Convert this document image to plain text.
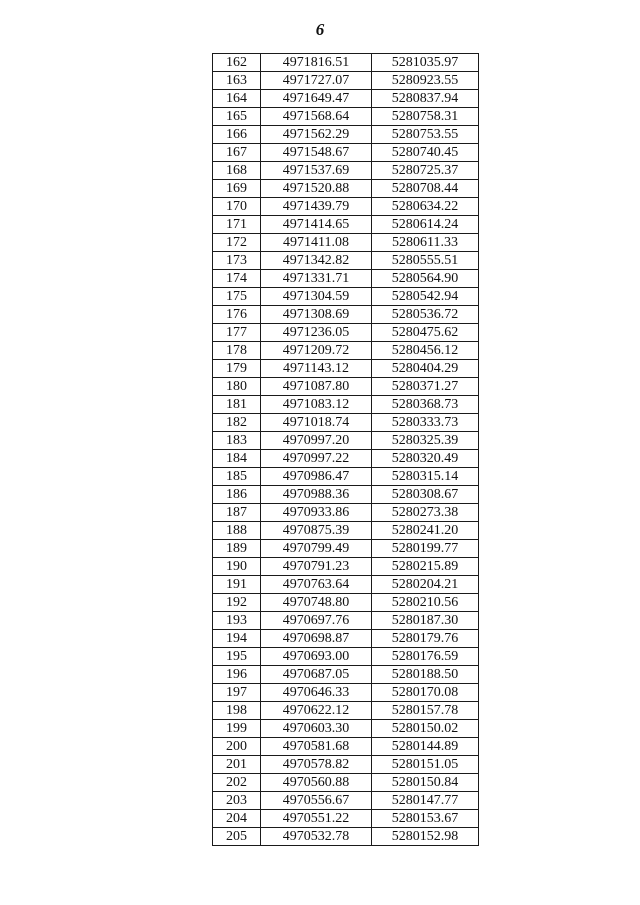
6
162	4971816.51	5281035.97
163	4971727.07	5280923.55
164	4971649.47	5280837.94
165	4971568.64	5280758.31
166	4971562.29	5280753.55
167	4971548.67	5280740.45
168	4971537.69	5280725.37
169	4971520.88	5280708.44
170	4971439.79	5280634.22
171	4971414.65	5280614.24
172	4971411.08	5280611.33
173	4971342.82	5280555.51
174	4971331.71	5280564.90
175	4971304.59	5280542.94
176	4971308.69	5280536.72
177	4971236.05	5280475.62
178	4971209.72	5280456.12
179	4971143.12	5280404.29
180	4971087.80	5280371.27
181	4971083.12	5280368.73
182	4971018.74	5280333.73
183	4970997.20	5280325.39
184	4970997.22	5280320.49
185	4970986.47	5280315.14
186	4970988.36	5280308.67
187	4970933.86	5280273.38
188	4970875.39	5280241.20
189	4970799.49	5280199.77
190	4970791.23	5280215.89
191	4970763.64	5280204.21
192	4970748.80	5280210.56
193	4970697.76	5280187.30
194	4970698.87	5280179.76
195	4970693.00	5280176.59
196	4970687.05	5280188.50
197	4970646.33	5280170.08
198	4970622.12	5280157.78
199	4970603.30	5280150.02
200	4970581.68	5280144.89
201	4970578.82	5280151.05
202	4970560.88	5280150.84
203	4970556.67	5280147.77
204	4970551.22	5280153.67
205	4970532.78	5280152.98
